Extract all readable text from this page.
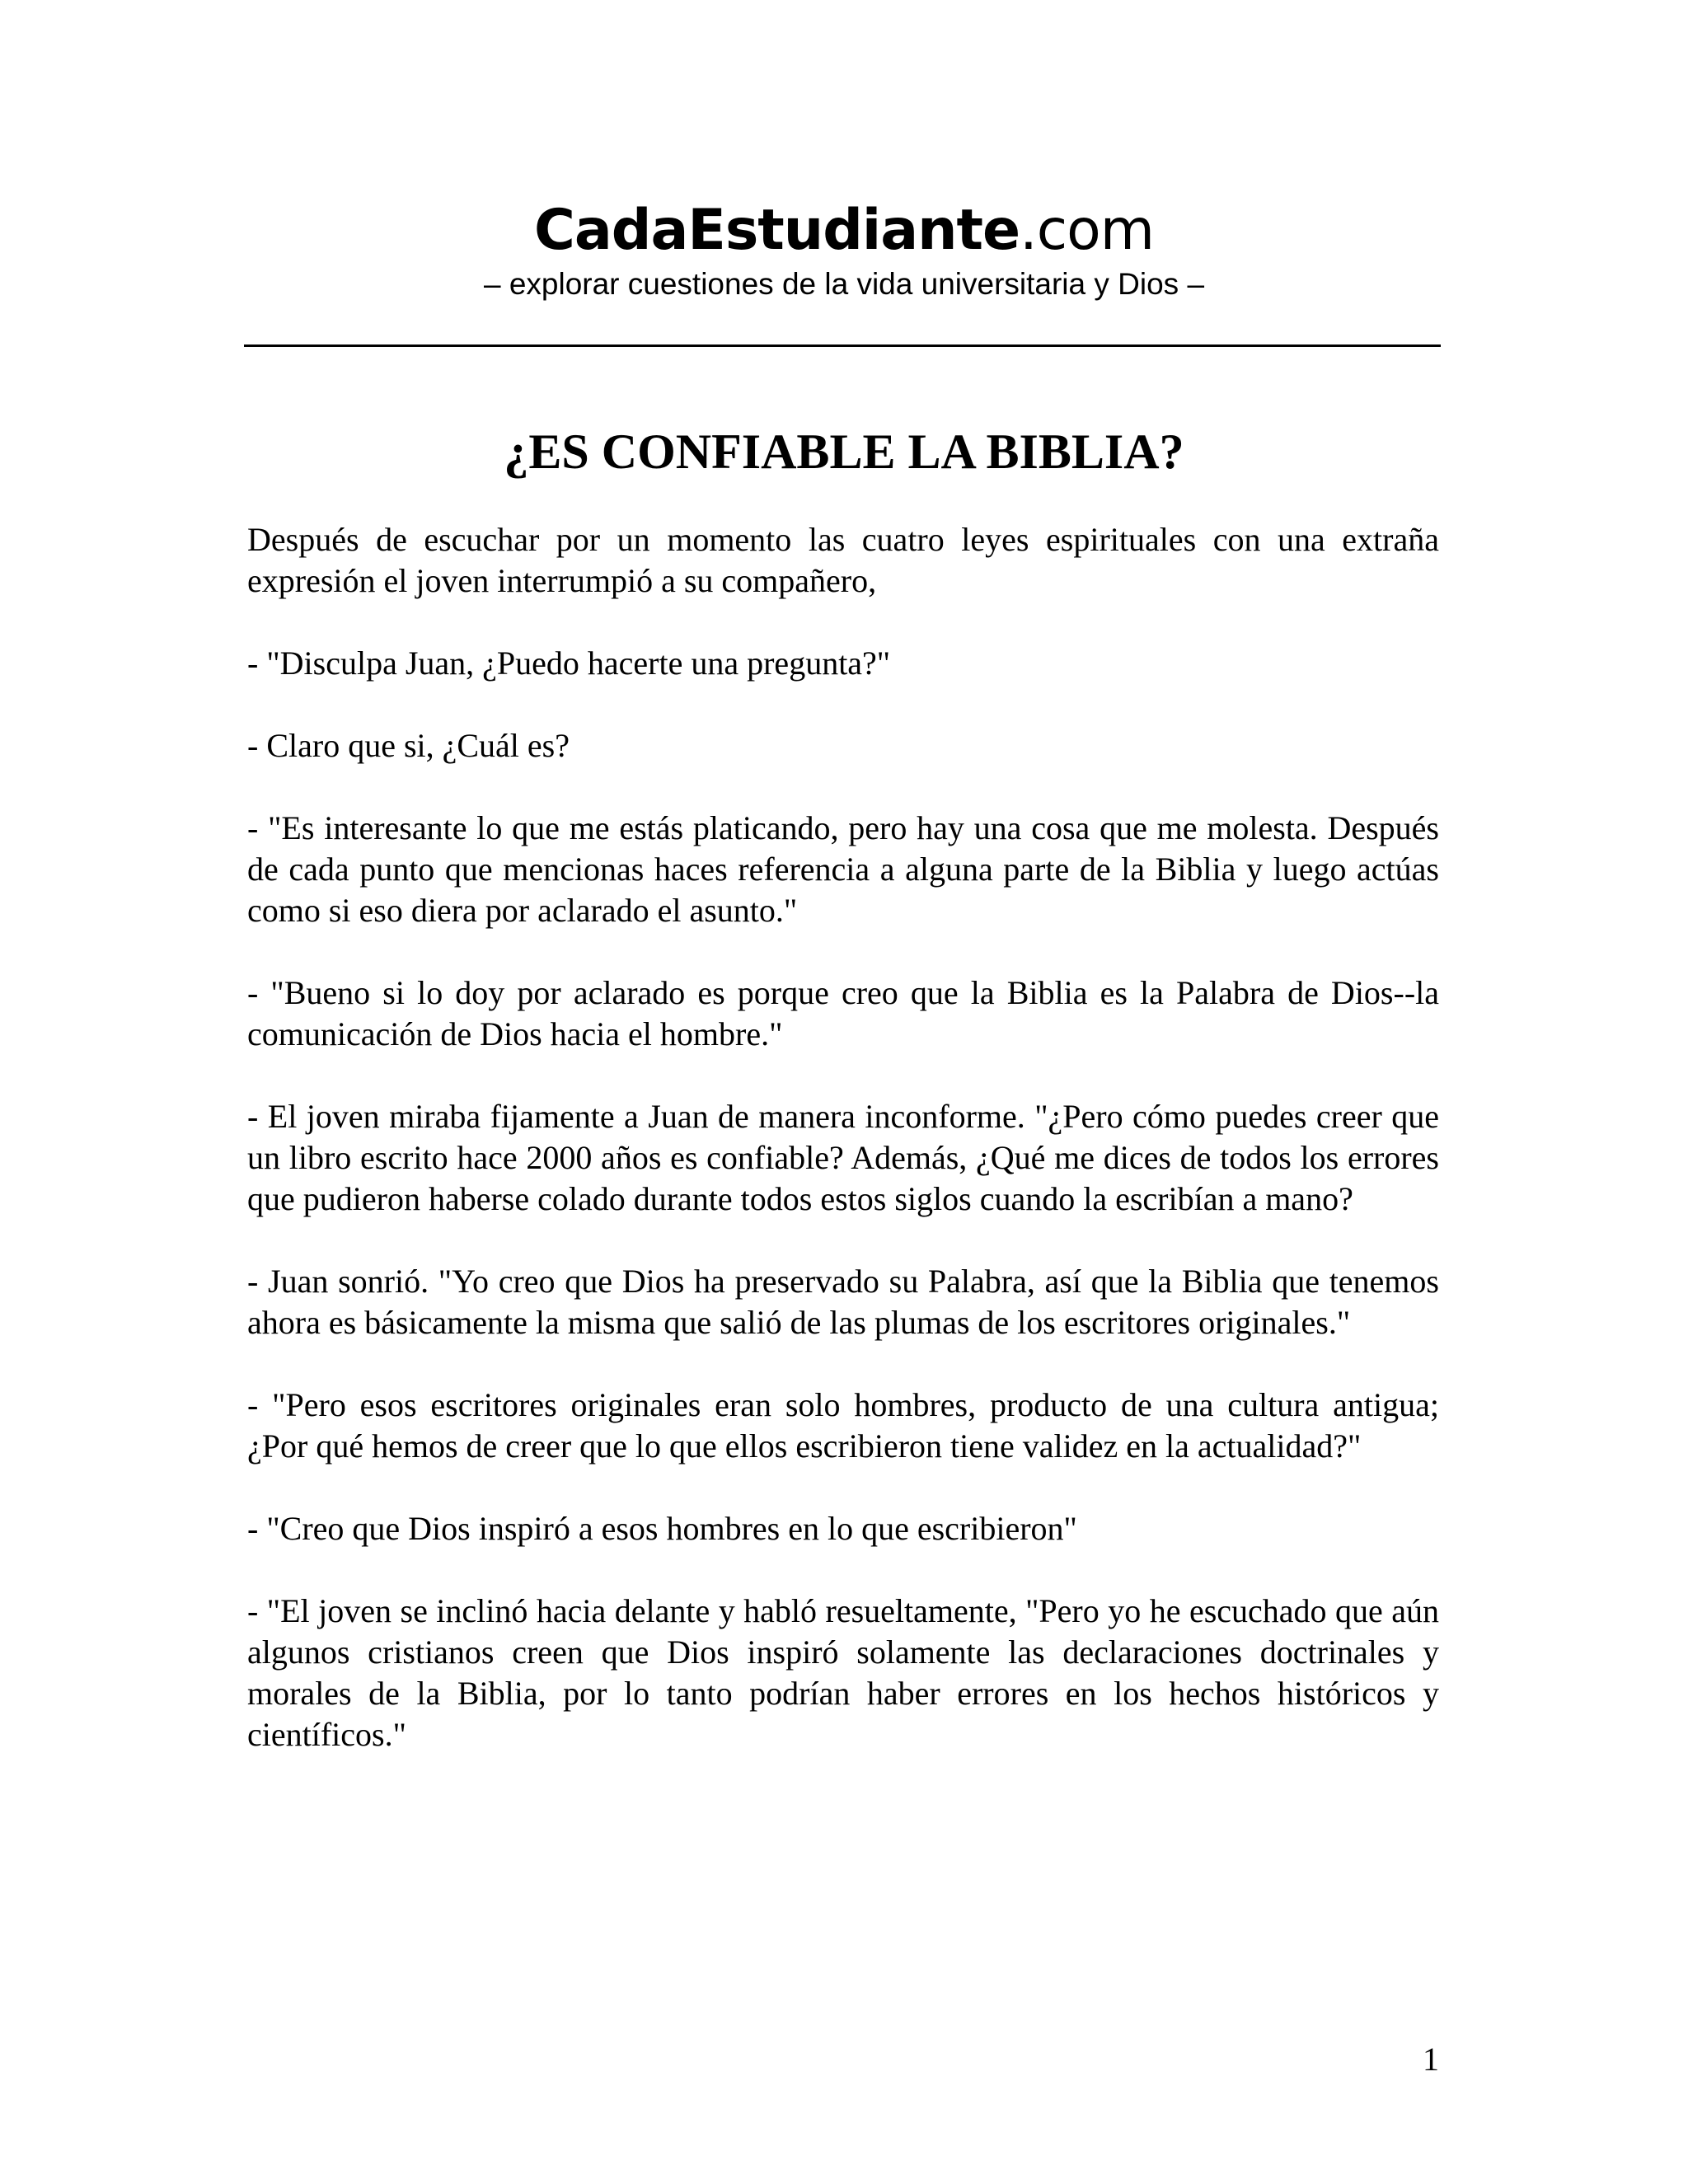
CadaEstudiante.com
– explorar cuestiones de la vida universitaria y Dios –
¿ES CONFIABLE LA BIBLIA?

Después de escuchar por un momento las cuatro leyes espirituales con una extraña expresión el joven interrumpió a su compañero,

- "Disculpa Juan, ¿Puedo hacerte una pregunta?"

- Claro que si, ¿Cuál es?

- "Es interesante lo que me estás platicando, pero hay una cosa que me molesta. Después de cada punto que mencionas haces referencia a alguna parte de la Biblia y luego actúas como si eso diera por aclarado el asunto."

- "Bueno si lo doy por aclarado es porque creo que la Biblia es la Palabra de Dios--la comunicación de Dios hacia el hombre."

- El joven miraba fijamente a Juan de manera inconforme. "¿Pero cómo puedes creer que un libro escrito hace 2000 años es confiable? Además, ¿Qué me dices de todos los errores que pudieron haberse colado durante todos estos siglos cuando la escribían a mano?

- Juan sonrió. "Yo creo que Dios ha preservado su Palabra, así que la Biblia que tenemos ahora es básicamente la misma que salió de las plumas de los escritores originales."

- "Pero esos escritores originales eran solo hombres, producto de una cultura antigua; ¿Por qué hemos de creer que lo que ellos escribieron tiene validez en la actualidad?"

- "Creo que Dios inspiró a esos hombres en lo que escribieron"

- "El joven se inclinó hacia delante y habló resueltamente, "Pero yo he escuchado que aún algunos cristianos creen que Dios inspiró solamente las declaraciones doctrinales y morales de la Biblia, por lo tanto podrían haber errores en los hechos históricos y científicos."

1
